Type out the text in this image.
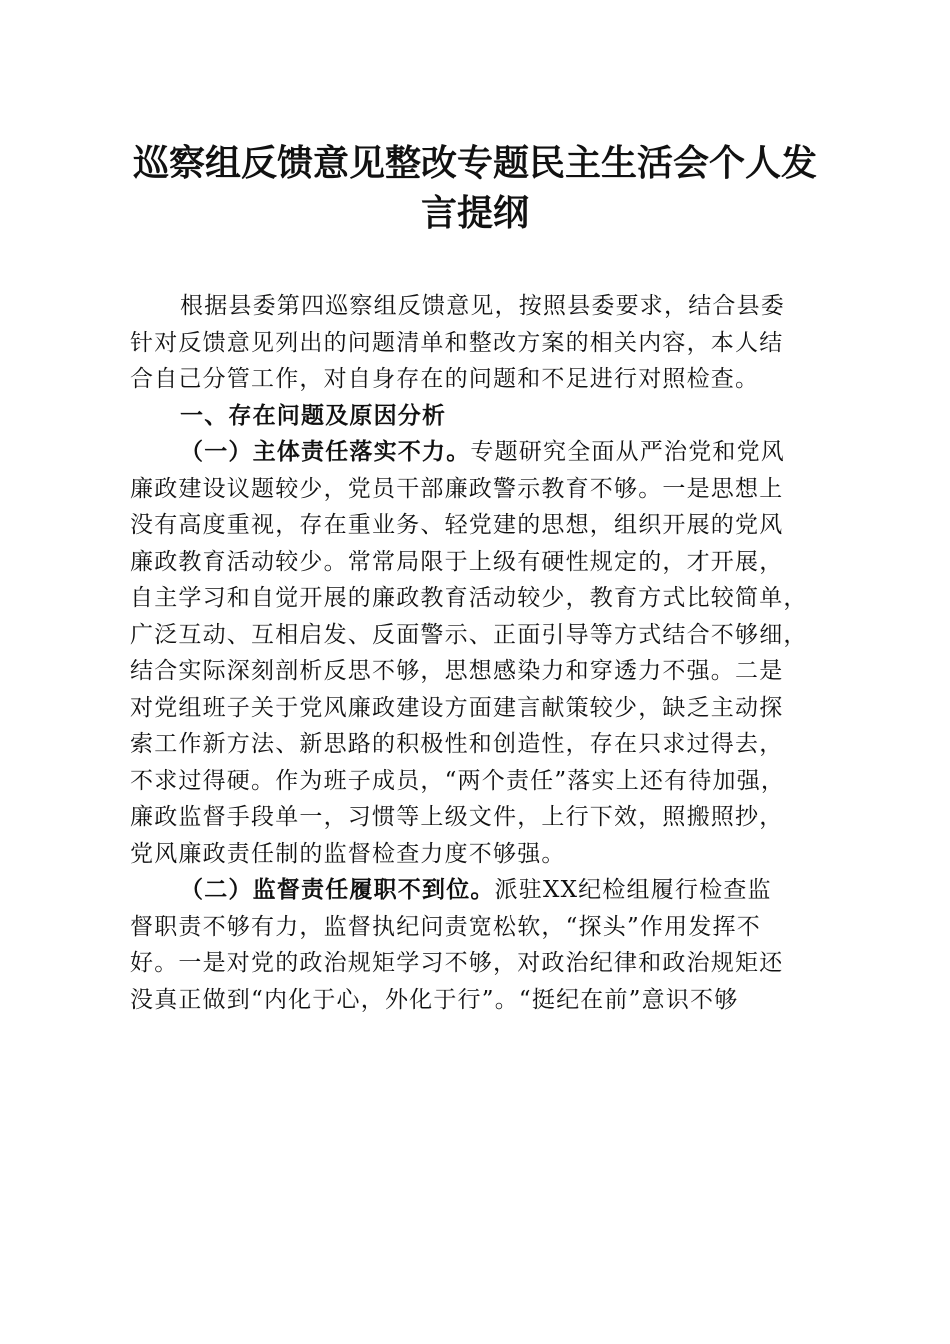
巡察组反馈意见整改专题民主生活会个人发
言提纲
根据县委第四巡察组反馈意见，按照县委要求，结合县委
针对反馈意见列出的问题清单和整改方案的相关内容，本人结
合自己分管工作，对自身存在的问题和不足进行对照检查。
一、存在问题及原因分析
（一）主体责任落实不力。专题研究全面从严治党和党风
廉政建设议题较少，党员干部廉政警示教育不够。一是思想上
没有高度重视，存在重业务、轻党建的思想，组织开展的党风
廉政教育活动较少。常常局限于上级有硬性规定的，才开展，
自主学习和自觉开展的廉政教育活动较少，教育方式比较简单，
广泛互动、互相启发、反面警示、正面引导等方式结合不够细，
结合实际深刻剖析反思不够，思想感染力和穿透力不强。二是
对党组班子关于党风廉政建设方面建言献策较少，缺乏主动探
索工作新方法、新思路的积极性和创造性，存在只求过得去，
不求过得硬。作为班子成员，“两个责任”落实上还有待加强，
廉政监督手段单一，习惯等上级文件，上行下效，照搬照抄，
党风廉政责任制的监督检查力度不够强。
（二）监督责任履职不到位。派驻XX纪检组履行检查监
督职责不够有力，监督执纪问责宽松软，“探头”作用发挥不
好。一是对党的政治规矩学习不够，对政治纪律和政治规矩还
没真正做到“内化于心，外化于行”。“挺纪在前”意识不够
